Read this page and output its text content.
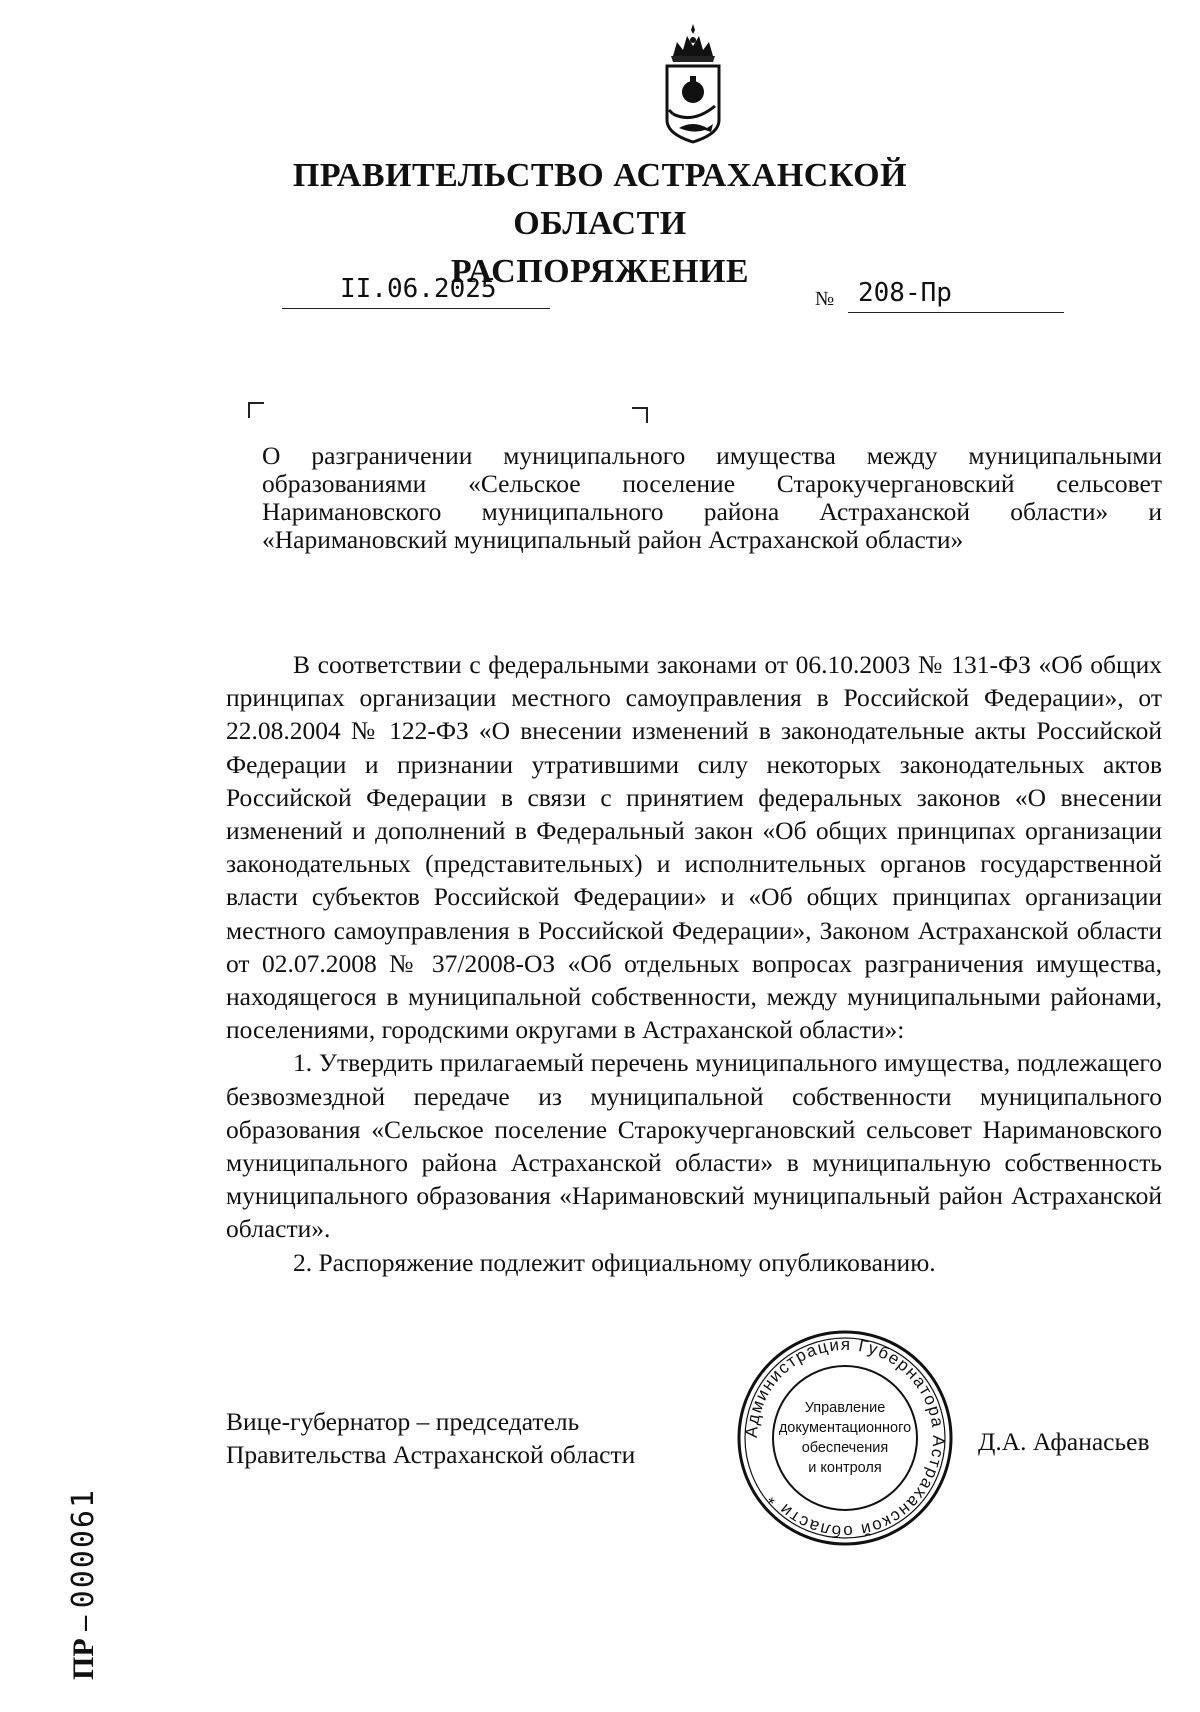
ПРАВИТЕЛЬСТВО АСТРАХАНСКОЙ ОБЛАСТИ
РАСПОРЯЖЕНИЕ
II.06.2025	№ 208-Пр
О разграничении муниципального имущества между муниципальными образованиями «Сельское поселение Старокучергановский сельсовет Наримановского муниципального района Астраханской области» и «Наримановский муниципальный район Астраханской области»

В соответствии с федеральными законами от 06.10.2003 № 131-ФЗ «Об общих принципах организации местного самоуправления в Российской Федерации», от 22.08.2004 № 122-ФЗ «О внесении изменений в законодательные акты Российской Федерации и признании утратившими силу некоторых законодательных актов Российской Федерации в связи с принятием федеральных законов «О внесении изменений и дополнений в Федеральный закон «Об общих принципах организации законодательных (представительных) и исполнительных органов государственной власти субъектов Российской Федерации» и «Об общих принципах организации местного самоуправления в Российской Федерации», Законом Астраханской области от 02.07.2008 № 37/2008-ОЗ «Об отдельных вопросах разграничения имущества, находящегося в муниципальной собственности, между муниципальными районами, поселениями, городскими округами в Астраханской области»:

1. Утвердить прилагаемый перечень муниципального имущества, подлежащего безвозмездной передаче из муниципальной собственности муниципального образования «Сельское поселение Старокучергановский сельсовет Наримановского муниципального района Астраханской области» в муниципальную собственность муниципального образования «Наримановский муниципальный район Астраханской области».

2. Распоряжение подлежит официальному опубликованию.

Вице-губернатор – председатель
Правительства Астраханской области	Д.А. Афанасьев
Администрация Губернатора Астраханской области *
Управление
документационного
обеспечения
и контроля
ПР – 000061
